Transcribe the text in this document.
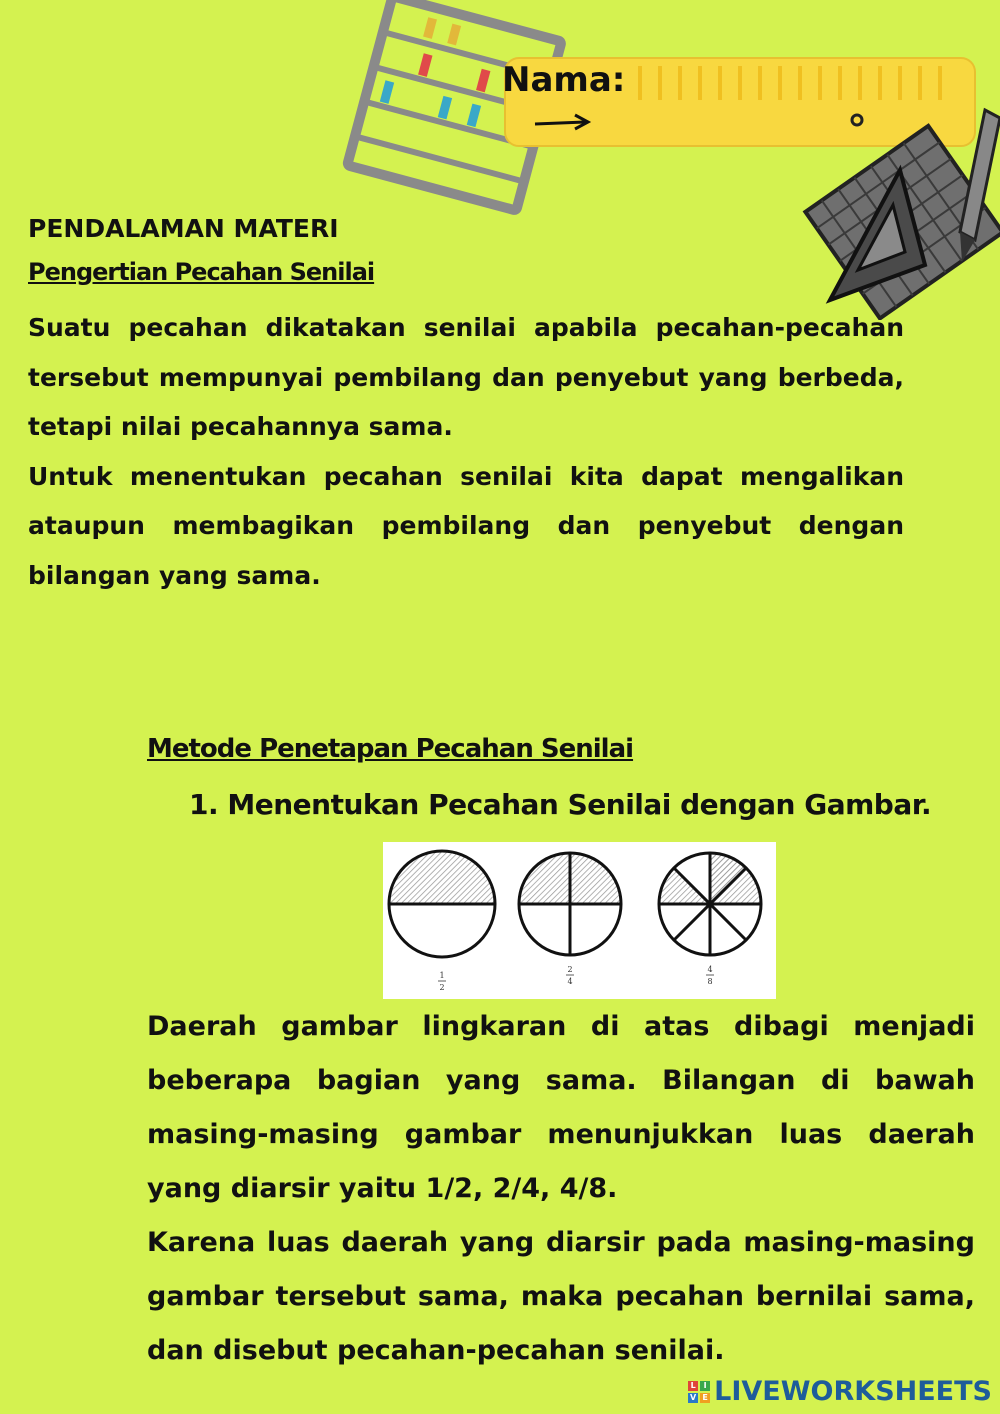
Nama:
PENDALAMAN MATERI
Pengertian Pecahan Senilai

Suatu pecahan dikatakan senilai apabila pecahan-pecahan tersebut mempunyai pembilang dan penyebut yang berbeda, tetapi nilai pecahannya sama.

Untuk menentukan pecahan senilai kita dapat mengalikan ataupun membagikan pembilang dan penyebut dengan bilangan yang sama.

Metode Penetapan Pecahan Senilai
1. Menentukan Pecahan Senilai dengan Gambar.
1
2
2
4
4
8

Daerah gambar lingkaran di atas dibagi menjadi beberapa bagian yang sama. Bilangan di bawah masing-masing gambar menunjukkan luas daerah yang diarsir yaitu 1/2, 2/4, 4/8.

Karena luas daerah yang diarsir pada masing-masing gambar tersebut sama, maka pecahan bernilai sama, dan disebut pecahan-pecahan senilai.

L I
V E LIVEWORKSHEETS
